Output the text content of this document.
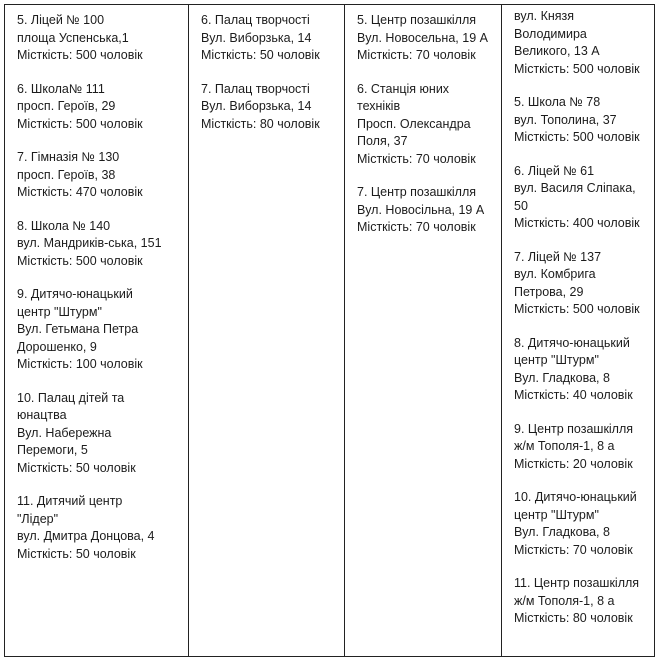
5. Ліцей № 100
площа Успенська,1
Місткість: 500 чоловік
6. Школа№ 111
просп. Героїв, 29
Місткість: 500 чоловік
7. Гімназія № 130
просп. Героїв, 38
Місткість: 470 чоловік
8. Школа № 140
вул. Мандриків-ська, 151
Місткість: 500 чоловік
9. Дитячо-юнацький
центр "Штурм"
Вул. Гетьмана Петра
Дорошенко, 9
Місткість: 100 чоловік
10. Палац дітей та
юнацтва
Вул. Набережна
Перемоги, 5
Місткість: 50 чоловік
11. Дитячий центр
"Лідер"
вул. Дмитра Донцова, 4
Місткість: 50 чоловік
6. Палац творчості
Вул. Виборзька, 14
Місткість: 50 чоловік
7. Палац творчості
Вул. Виборзька, 14
Місткість: 80 чоловік
5. Центр позашкілля
Вул. Новосельна, 19 А
Місткість: 70 чоловік
6. Станція юних
техніків
Просп. Олександра
Поля, 37
Місткість: 70 чоловік
7. Центр позашкілля
Вул. Новосільна, 19 А
Місткість: 70 чоловік
вул. Князя
Володимира
Великого, 13 А
Місткість: 500 чоловік
5. Школа № 78
вул. Тополина, 37
Місткість: 500 чоловік
6. Ліцей № 61
вул. Василя Сліпака,
50
Місткість: 400 чоловік
7. Ліцей № 137
вул. Комбрига
Петрова, 29
Місткість: 500 чоловік
8. Дитячо-юнацький
центр "Штурм"
Вул. Гладкова, 8
Місткість: 40 чоловік
9. Центр позашкілля
ж/м Тополя-1, 8 а
Місткість: 20 чоловік
10. Дитячо-юнацький
центр "Штурм"
Вул. Гладкова, 8
Місткість: 70 чоловік
11. Центр позашкілля
ж/м Тополя-1, 8 а
Місткість: 80 чоловік
